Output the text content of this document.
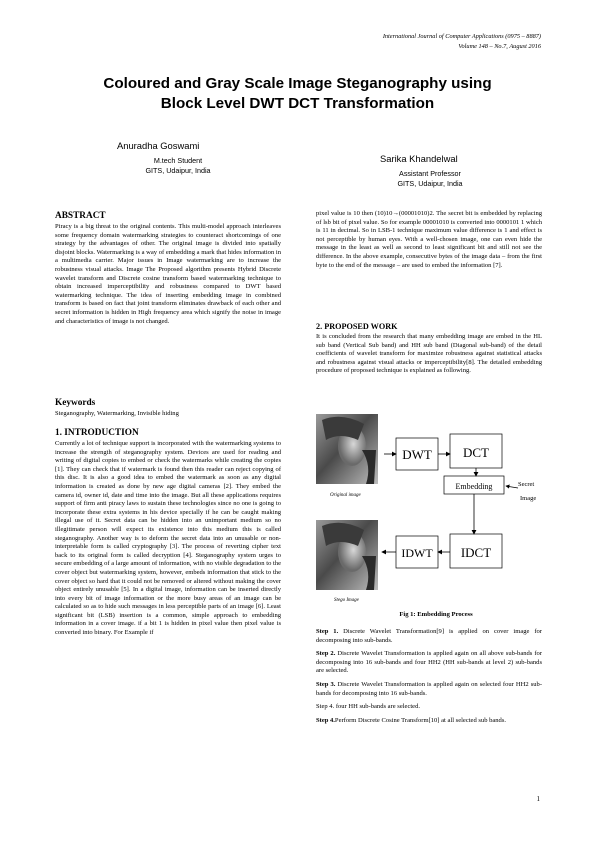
International Journal of Computer Applications (0975 – 8887)
Volume 148 – No.7, August 2016
Coloured and Gray Scale Image Steganography using
Block Level DWT DCT Transformation
Anuradha Goswami
M.tech Student
GITS, Udaipur, India
Sarika Khandelwal
Assistant Professor
GITS, Udaipur, India
ABSTRACT

Piracy is a big threat to the original contents. This multi-model approach interleaves some frequency domain watermarking strategies to counteract shortcomings of one strategy by the advantages of other. The original image is divided into spatially disjoint blocks. Watermarking is a way of embedding a mark that hides information in a multimedia carrier. Major issues in Image watermarking are to increase the robustness visual attacks. Image The Proposed algorithm presents Hybrid Discrete wavelet transform and Discrete cosine transform based watermarking technique to obtain increased imperceptibility and robustness compared to DWT based watermarking technique. The idea of inserting embedding image in combined transform is based on fact that joint transform eliminates drawback of each other and secret information is hidden in High frequency area which signify the noise in image and characteristics of image is not changed.

Keywords

Steganography, Watermarking, Invisible hiding

1. INTRODUCTION

Currently a lot of technique support is incorporated with the watermarking systems to increase the strength of steganography system. Devices are used for reading and writing of digital copies to embed or check the watermarks while creating the copies [1]. They can check that if watermark is found then this reader can reject copying of this disc. It is also a good idea to embed the watermark as soon as any digital information is created as done by new age digital cameras [2]. They embed the camera id, owner id, date and time into the image. But all these applications requires support of firm anti piracy laws to sustain these technologies since no one is going to incorporate these extra systems in his device specially if he can be caught making illegal use of it. Secret data can be hidden into an unimportant medium so no illegitimate person will expect its existence into this medium this is called steganography. Another way is to deform the secret data into an unusable or non-interpretable form is called cryptography [3]. The process of reverting cipher text back to its original form is called decryption [4]. Steganography system urges to secure embedding of a large amount of information, with no visible degradation to the cover object but watermarking system, however, embeds information that stick to the cover object so hard that it could not be removed or altered without making the cover object entirely unusable [5]. In a digital image, information can be inserted directly into every bit of image information or the more busy areas of an image can be calculated so as to hide such messages in less perceptible parts of an image [6]. Least significant bit (LSB) insertion is a common, simple approach to embedding information in a cover image. if a bit 1 is hidden in pixel value then pixel value is converted into binary. For Example if

pixel value is 10 then (10)10→(00001010)2. The secret bit is embedded by replacing of lsb bit of pixel value. So for example 00001010 is converted into 0000101 1 which is 11 in decimal. So in LSB-1 technique maximum value difference is 1 and effect is not perceptible by human eyes. With a well-chosen image, one can even hide the message in the least as well as second to least significant bit and still not see the difference. In the above example, consecutive bytes of the image data – from the first byte to the end of the message – are used to embed the information [7].

2. PROPOSED WORK

It is concluded from the research that many embedding image are embed in the HL sub band (Vertical Sub band) and HH sub band (Diagonal sub-band) of the detail coefficients of wavelet transform for maximize robustness against statistical attacks and robustness against visual attacks or imperceptibility[8]. The detailed embedding procedure of proposed technique is explained as following.

Original image
Stego Image
DWT DCT
Embedding	Secret
Image
IDCT
IDWT
Fig 1: Embedding Process

Step 1. Discrete Wavelet Transformation[9] is applied on cover image for decomposing into sub-bands.

Step 2. Discrete Wavelet Transformation is applied again on all above sub-bands for decomposing into 16 sub-bands and four HH2 (HH sub-bands at level 2) sub-bands are selected.

Step 3. Discrete Wavelet Transformation is applied again on selected four HH2 sub-bands for decomposing into 16 sub-bands.

Step 4. four HH sub-bands are selected.

Step 4.Perform Discrete Cosine Transform[10] at all selected sub bands.

1
